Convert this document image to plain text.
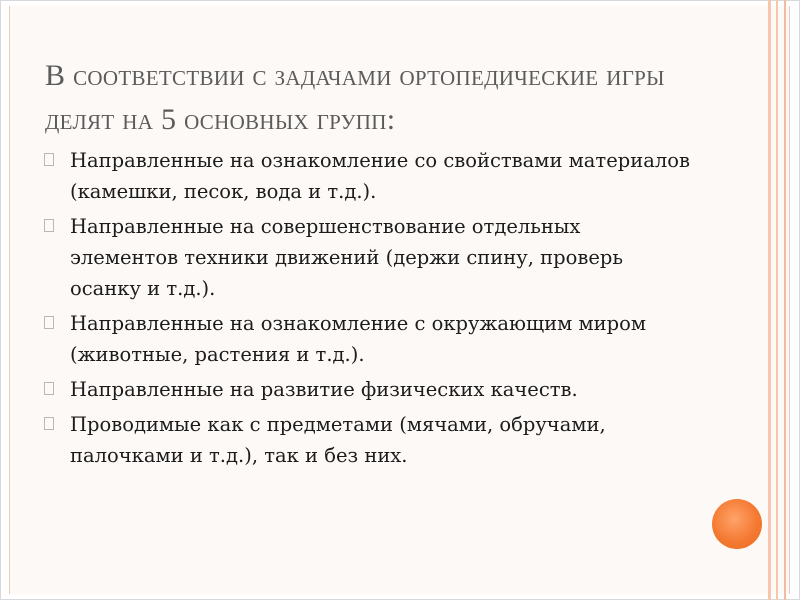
В соответствии с задачами ортопедические игры
делят на 5 основных групп:
Направленные на ознакомление со свойствами материалов (камешки, песок, вода и т.д.).
Направленные на совершенствование отдельных элементов техники движений (держи спину, проверь осанку и т.д.).
Направленные на ознакомление с окружающим миром (животные, растения и т.д.).
Направленные на развитие физических качеств.
Проводимые как с предметами (мячами, обручами, палочками и т.д.), так и без них.
